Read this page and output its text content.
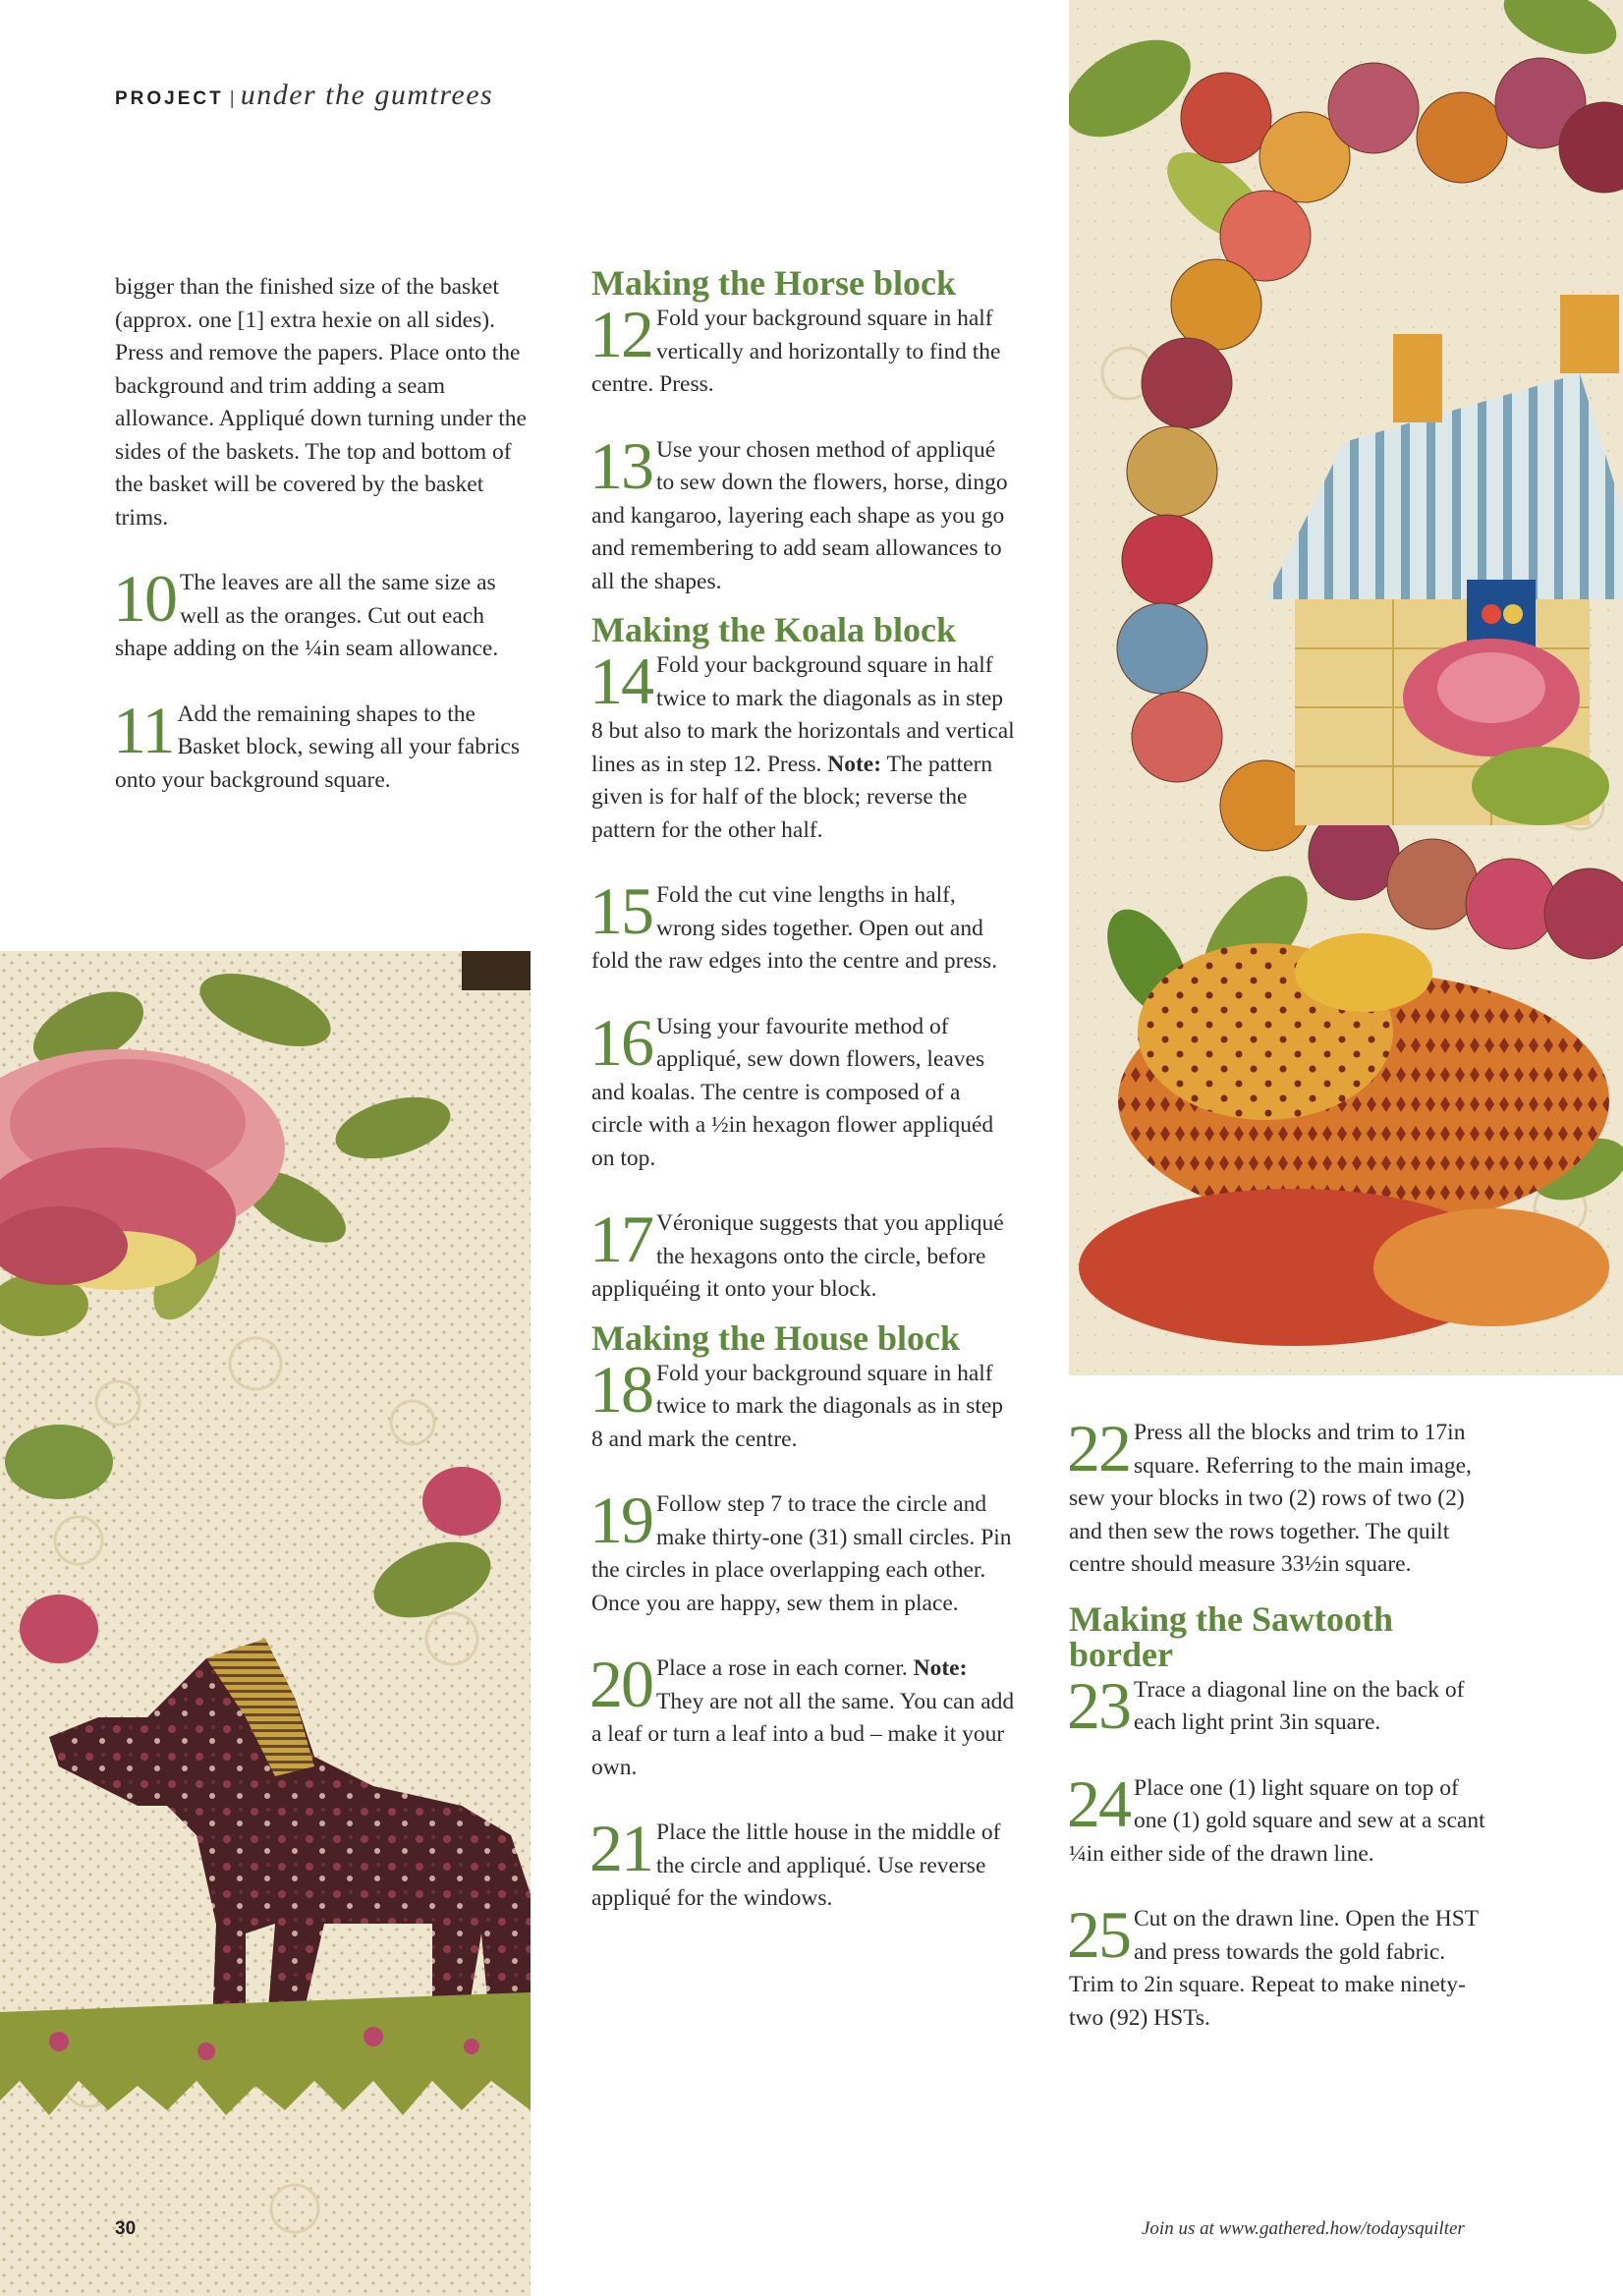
PROJECT | under the gumtrees

bigger than the finished size of the basket (approx. one [1] extra hexie on all sides). Press and remove the papers. Place onto the background and trim adding a seam allowance. Appliqué down turning under the sides of the baskets. The top and bottom of the basket will be covered by the basket trims.

10 The leaves are all the same size as well as the oranges. Cut out each shape adding on the ¼in seam allowance.
11 Add the remaining shapes to the Basket block, sewing all your fabrics onto your background square.
Making the Horse block
12 Fold your background square in half vertically and horizontally to find the centre. Press.
13 Use your chosen method of appliqué to sew down the flowers, horse, dingo and kangaroo, layering each shape as you go and remembering to add seam allowances to all the shapes.
Making the Koala block
14 Fold your background square in half twice to mark the diagonals as in step 8 but also to mark the horizontals and vertical lines as in step 12. Press. Note: The pattern given is for half of the block; reverse the pattern for the other half.
15 Fold the cut vine lengths in half, wrong sides together. Open out and fold the raw edges into the centre and press.
16 Using your favourite method of appliqué, sew down flowers, leaves and koalas. The centre is composed of a circle with a ½in hexagon flower appliquéd on top.
17 Véronique suggests that you appliqué the hexagons onto the circle, before appliquéing it onto your block.
Making the House block
18 Fold your background square in half twice to mark the diagonals as in step 8 and mark the centre.
19 Follow step 7 to trace the circle and make thirty-one (31) small circles. Pin the circles in place overlapping each other. Once you are happy, sew them in place.
20 Place a rose in each corner. Note: They are not all the same. You can add a leaf or turn a leaf into a bud – make it your own.
21 Place the little house in the middle of the circle and appliqué. Use reverse appliqué for the windows.
22 Press all the blocks and trim to 17in square. Referring to the main image, sew your blocks in two (2) rows of two (2) and then sew the rows together. The quilt centre should measure 33½in square.
Making the Sawtooth border
23 Trace a diagonal line on the back of each light print 3in square.
24 Place one (1) light square on top of one (1) gold square and sew at a scant ¼in either side of the drawn line.
25 Cut on the drawn line. Open the HST and press towards the gold fabric. Trim to 2in square. Repeat to make ninety-two (92) HSTs.
30	Join us at www.gathered.how/todaysquilter
